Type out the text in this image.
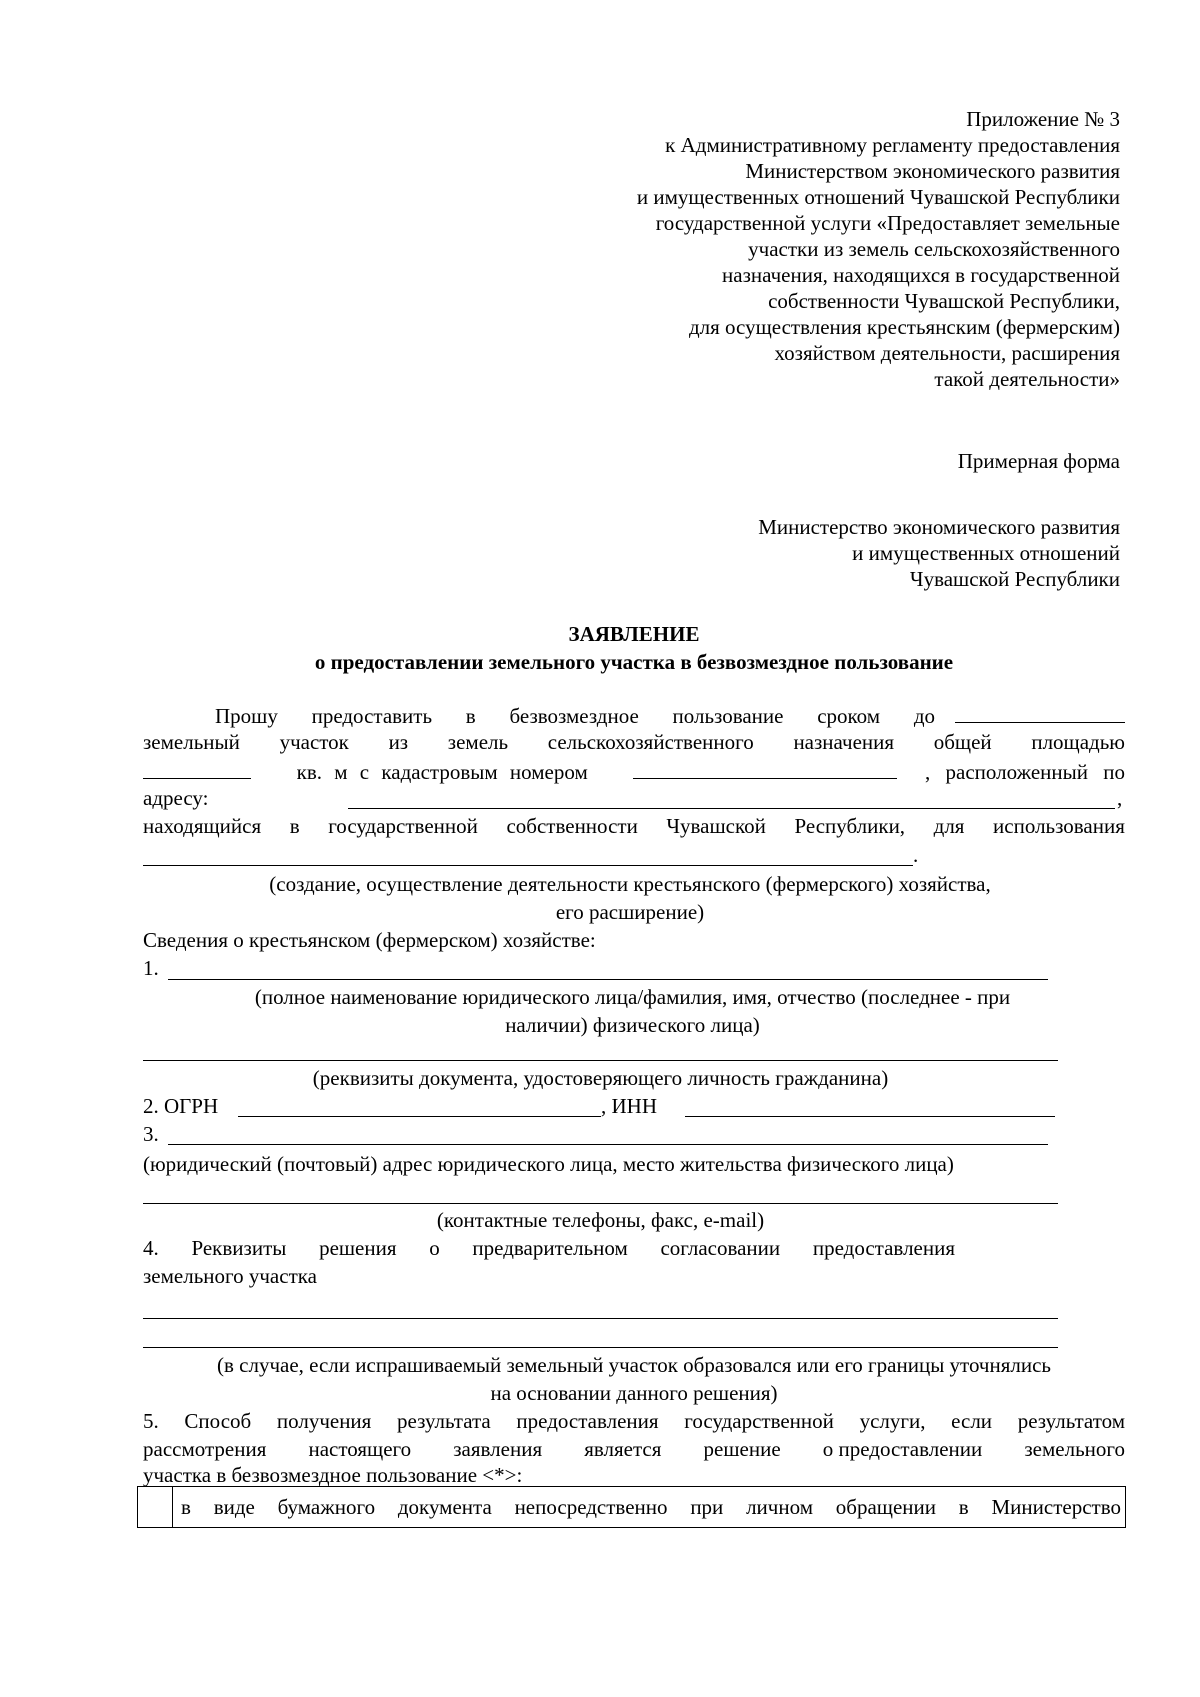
Приложение № 3
к Административному регламенту предоставления
Министерством экономического развития
и имущественных отношений Чувашской Республики
государственной услуги «Предоставляет земельные
участки из земель сельскохозяйственного
назначения, находящихся в государственной
собственности Чувашской Республики,
для осуществления крестьянским (фермерским)
хозяйством деятельности, расширения
такой деятельности»
Примерная форма
Министерство экономического развития
и имущественных отношений
Чувашской Республики
ЗАЯВЛЕНИЕ
о предоставлении земельного участка в безвозмездное пользование
Прошу предоставить в безвозмездное пользование сроком до
земельный участок из земель сельскохозяйственного назначения общей площадью
кв. м с кадастровым номером	, расположенный по
адресу:	,
находящийся в государственной собственности Чувашской Республики, для использования
.
(создание, осуществление деятельности крестьянского (фермерского) хозяйства,
его расширение)
Сведения о крестьянском (фермерском) хозяйстве:
1.
(полное наименование юридического лица/фамилия, имя, отчество (последнее - при
наличии) физического лица)
(реквизиты документа, удостоверяющего личность гражданина)
2. ОГРН	, ИНН
3.
(юридический (почтовый) адрес юридического лица, место жительства физического лица)
(контактные телефоны, факс, e-mail)
4. Реквизиты решения о предварительном согласовании предоставления
земельного участка
(в случае, если испрашиваемый земельный участок образовался или его границы уточнялись
на основании данного решения)
5. Способ получения результата предоставления государственной услуги, если результатом
рассмотрения настоящего заявления является решение о предоставлении земельного
участка в безвозмездное пользование <*>:
в виде бумажного документа непосредственно при личном обращении в Министерство
